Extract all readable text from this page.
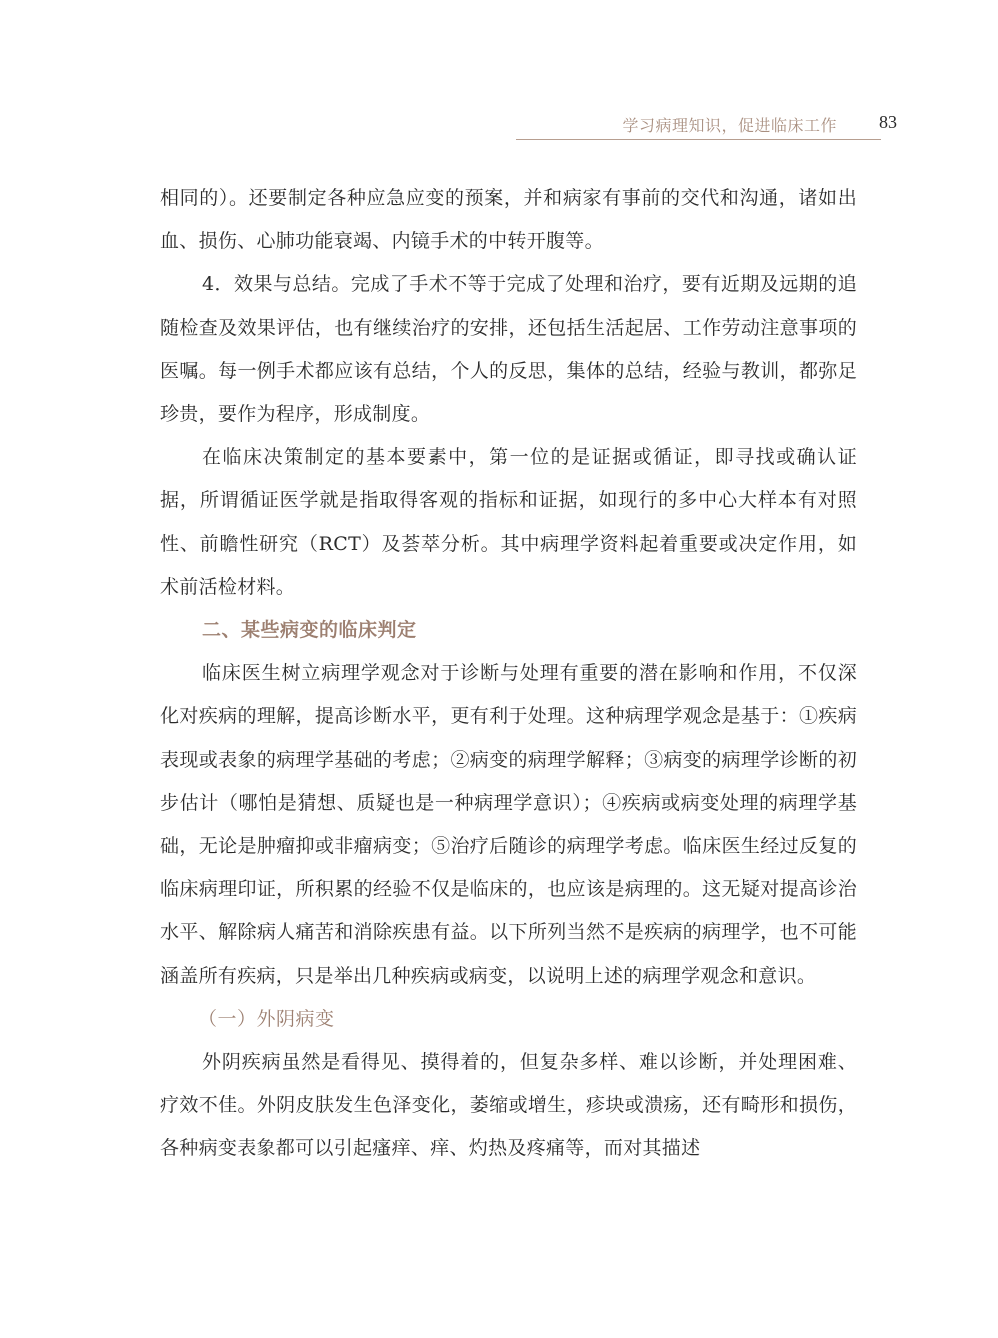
学习病理知识，促进临床工作 83

相同的）。还要制定各种应急应变的预案，并和病家有事前的交代和沟通，诸如出血、损伤、心肺功能衰竭、内镜手术的中转开腹等。

4．效果与总结。完成了手术不等于完成了处理和治疗，要有近期及远期的追随检查及效果评估，也有继续治疗的安排，还包括生活起居、工作劳动注意事项的医嘱。每一例手术都应该有总结，个人的反思，集体的总结，经验与教训，都弥足珍贵，要作为程序，形成制度。

在临床决策制定的基本要素中，第一位的是证据或循证，即寻找或确认证据，所谓循证医学就是指取得客观的指标和证据，如现行的多中心大样本有对照性、前瞻性研究（RCT）及荟萃分析。其中病理学资料起着重要或决定作用，如术前活检材料。

二、某些病变的临床判定

临床医生树立病理学观念对于诊断与处理有重要的潜在影响和作用，不仅深化对疾病的理解，提高诊断水平，更有利于处理。这种病理学观念是基于：①疾病表现或表象的病理学基础的考虑；②病变的病理学解释；③病变的病理学诊断的初步估计（哪怕是猜想、质疑也是一种病理学意识）；④疾病或病变处理的病理学基础，无论是肿瘤抑或非瘤病变；⑤治疗后随诊的病理学考虑。临床医生经过反复的临床病理印证，所积累的经验不仅是临床的，也应该是病理的。这无疑对提高诊治水平、解除病人痛苦和消除疾患有益。以下所列当然不是疾病的病理学，也不可能涵盖所有疾病，只是举出几种疾病或病变，以说明上述的病理学观念和意识。

（一）外阴病变

外阴疾病虽然是看得见、摸得着的，但复杂多样、难以诊断，并处理困难、疗效不佳。外阴皮肤发生色泽变化，萎缩或增生，疹块或溃疡，还有畸形和损伤，各种病变表象都可以引起瘙痒、痒、灼热及疼痛等，而对其描述
